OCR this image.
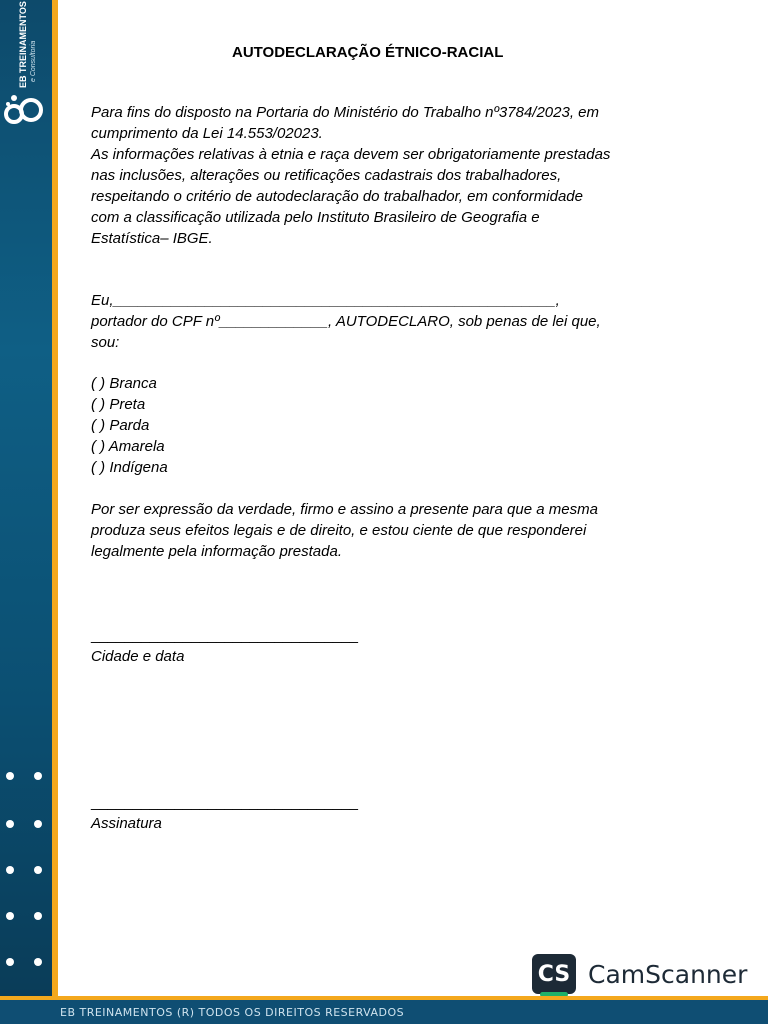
EB TREINAMENTOS e Consultoria	AUTODECLARAÇÃO ÉTNICO-RACIAL
Para fins do disposto na Portaria do Ministério do Trabalho nº3784/2023, em
cumprimento da Lei 14.553/02023.
As informações relativas à etnia e raça devem ser obrigatoriamente prestadas
nas inclusões, alterações ou retificações cadastrais dos trabalhadores,
respeitando o critério de autodeclaração do trabalhador, em conformidade
com a classificação utilizada pelo Instituto Brasileiro de Geografia e
Estatística– IBGE.
Eu,_____________________________________________________,
portador do CPF nº_____________, AUTODECLARO, sob penas de lei que,
sou:
( ) Branca
( ) Preta
( ) Parda
( ) Amarela
( ) Indígena
Por ser expressão da verdade, firmo e assino a presente para que a mesma
produza seus efeitos legais e de direito, e estou ciente de que responderei
legalmente pela informação prestada.
________________________________
Cidade e data
________________________________
Assinatura
CS CamScanner
EB TREINAMENTOS (R) TODOS OS DIREITOS RESERVADOS
